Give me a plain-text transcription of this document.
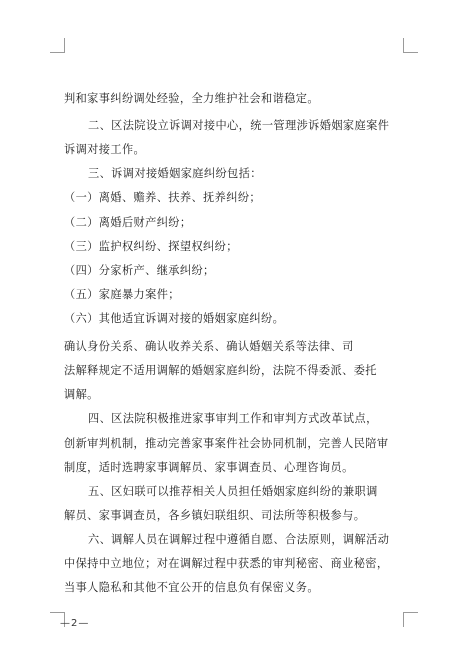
判和家事纠纷调处经验，全力维护社会和谐稳定。
二、区法院设立诉调对接中心，统一管理涉诉婚姻家庭案件
诉调对接工作。
三、诉调对接婚姻家庭纠纷包括：
（一）离婚、赡养、扶养、抚养纠纷；
（二）离婚后财产纠纷；
（三）监护权纠纷、探望权纠纷；
（四）分家析产、继承纠纷；
（五）家庭暴力案件；
（六）其他适宜诉调对接的婚姻家庭纠纷。
确认身份关系、确认收养关系、确认婚姻关系等法律、司
法解释规定不适用调解的婚姻家庭纠纷，法院不得委派、委托
调解。
四、区法院积极推进家事审判工作和审判方式改革试点，
创新审判机制，推动完善家事案件社会协同机制，完善人民陪审
制度，适时选聘家事调解员、家事调查员、心理咨询员。
五、区妇联可以推荐相关人员担任婚姻家庭纠纷的兼职调
解员、家事调查员，各乡镇妇联组织、司法所等积极参与。
六、调解人员在调解过程中遵循自愿、合法原则，调解活动
中保持中立地位；对在调解过程中获悉的审判秘密、商业秘密，
当事人隐私和其他不宜公开的信息负有保密义务。
—2—
